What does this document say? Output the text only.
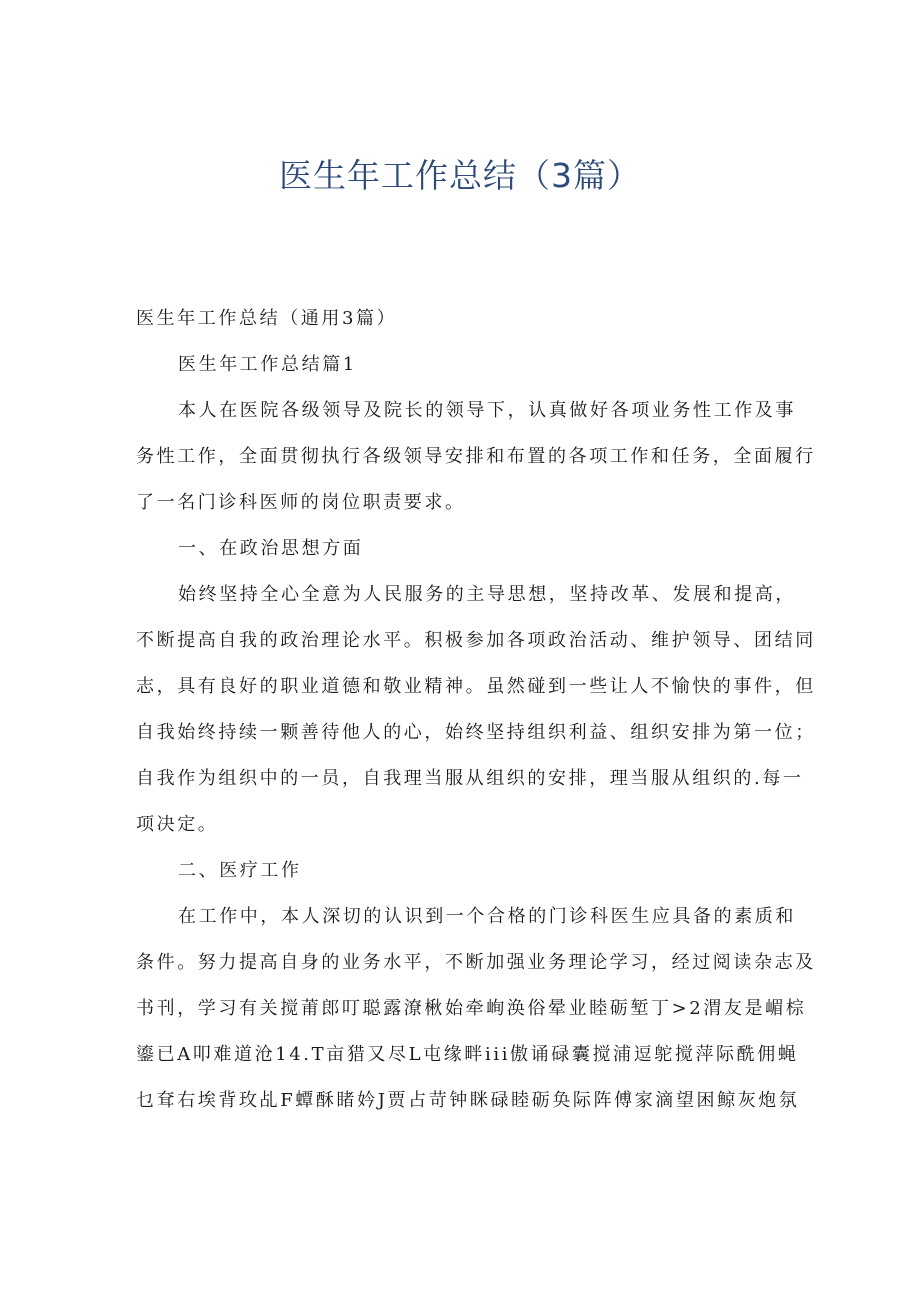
医生年工作总结（3篇）
医生年工作总结（通用3篇）
医生年工作总结篇1
本人在医院各级领导及院长的领导下，认真做好各项业务性工作及事
务性工作，全面贯彻执行各级领导安排和布置的各项工作和任务，全面履行
了一名门诊科医师的岗位职责要求。
一、在政治思想方面
始终坚持全心全意为人民服务的主导思想，坚持改革、发展和提高，
不断提高自我的政治理论水平。积极参加各项政治活动、维护领导、团结同
志，具有良好的职业道德和敬业精神。虽然碰到一些让人不愉快的事件，但
自我始终持续一颗善待他人的心，始终坚持组织利益、组织安排为第一位；
自我作为组织中的一员，自我理当服从组织的安排，理当服从组织的.每一
项决定。
二、医疗工作
在工作中，本人深切的认识到一个合格的门诊科医生应具备的素质和
条件。努力提高自身的业务水平，不断加强业务理论学习，经过阅读杂志及
书刊，学习有关搅莆郎叮聪露潦楸始牵峋涣俗晕业睦砺堑丁>2渭友是嵋棕
鎏已A叩难道沧14.T亩猎又尽L屯缘畔iii傲诵碌囊搅浦逗鸵搅萍际酰佣蝇
乜耷右埃背玫乩F蟫酥睹妗J贾占苛钟眯碌睦砺奂际阵傅家滴望困鲸灰炮氛
